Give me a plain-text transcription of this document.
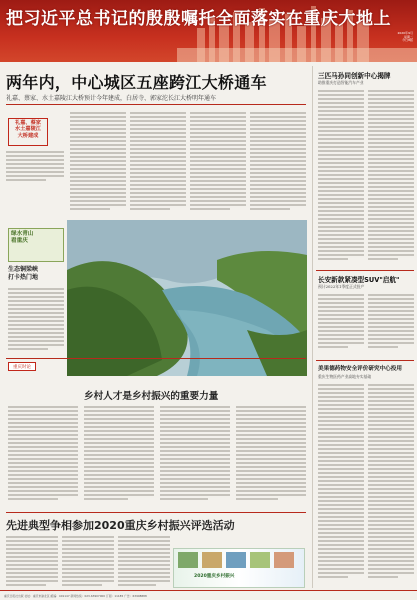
把习近平总书记的殷殷嘱托全面落实在重庆大地上
2020年9月
星期二
今日8版
两年内，中心城区五座跨江大桥通车
礼嘉、蔡家、水土嘉陵江大桥预计今年建成，白居寺、郭家沱长江大桥明年通车
礼嘉、蔡家
水土嘉陵江
大桥建成
绿水青山
看重庆
生态铜梁峡
打卡热门地
重庆时论
乡村人才是乡村振兴的重要力量
先进典型争相参加2020重庆乡村振兴评选活动
2020重庆乡村振兴
三匹马孙同创新中心揭牌
助推重庆打造智能汽车产业
长安新款紧凑型SUV"启航"
预计2022年1季度正式投产
美果德药物安全评价研究中心投用
重庆生物医药产业高地夯实基础
重庆日报社出版 社址：重庆市渝北区 邮编：401147 新闻热线：023-63907000 订阅：11185 广告：63908888
